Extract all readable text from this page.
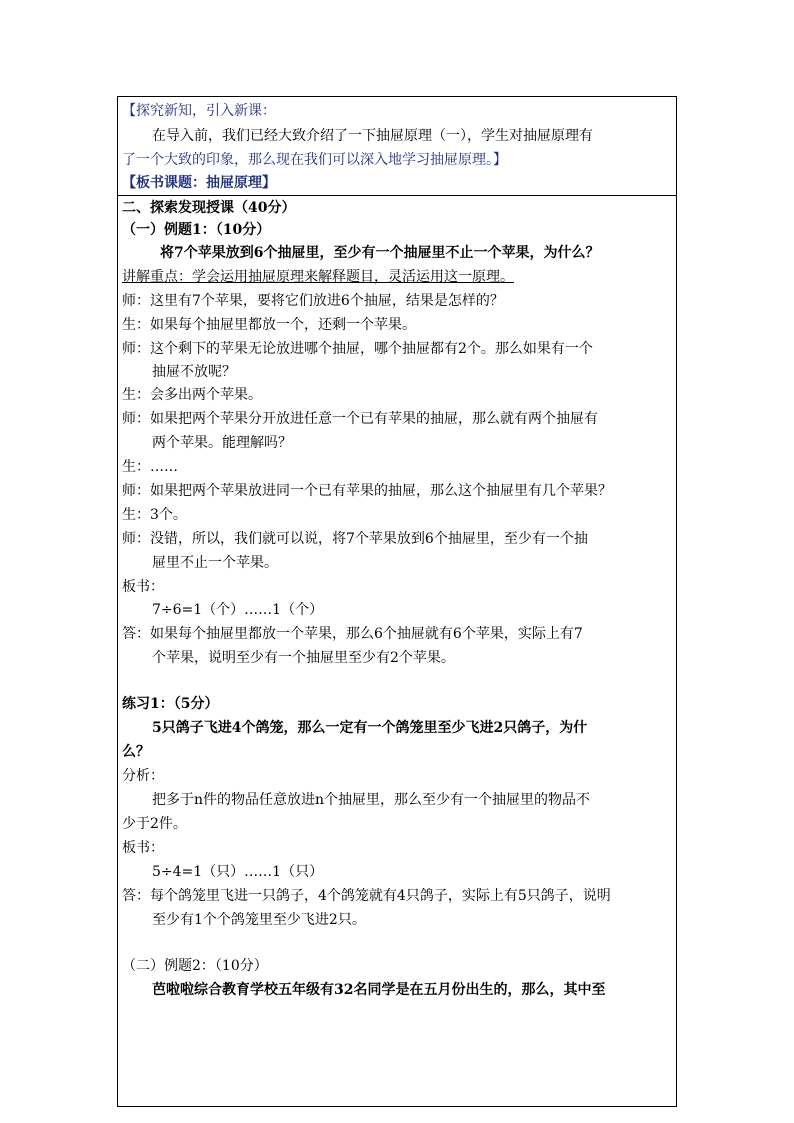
【探究新知，引入新课：
在导入前，我们已经大致介绍了一下抽屉原理（一），学生对抽屉原理有
了一个大致的印象，那么现在我们可以深入地学习抽屉原理。】
【板书课题：抽屉原理】
二、探索发现授课（40分）
（一）例题1：（10分）
将7个苹果放到6个抽屉里，至少有一个抽屉里不止一个苹果，为什么？
讲解重点：学会运用抽屉原理来解释题目，灵活运用这一原理。
师：这里有7个苹果，要将它们放进6个抽屉，结果是怎样的？
生：如果每个抽屉里都放一个，还剩一个苹果。
师：这个剩下的苹果无论放进哪个抽屉，哪个抽屉都有2个。那么如果有一个
抽屉不放呢？
生：会多出两个苹果。
师：如果把两个苹果分开放进任意一个已有苹果的抽屉，那么就有两个抽屉有
两个苹果。能理解吗？
生：……
师：如果把两个苹果放进同一个已有苹果的抽屉，那么这个抽屉里有几个苹果？
生：3个。
师：没错，所以，我们就可以说，将7个苹果放到6个抽屉里，至少有一个抽
屉里不止一个苹果。
板书：
7÷6=1（个）……1（个）
答：如果每个抽屉里都放一个苹果，那么6个抽屉就有6个苹果，实际上有7
个苹果，说明至少有一个抽屉里至少有2个苹果。
练习1：（5分）
5只鸽子飞进4个鸽笼，那么一定有一个鸽笼里至少飞进2只鸽子，为什
么？
分析：
把多于n件的物品任意放进n个抽屉里，那么至少有一个抽屉里的物品不
少于2件。
板书：
5÷4=1（只）……1（只）
答：每个鸽笼里飞进一只鸽子，4个鸽笼就有4只鸽子，实际上有5只鸽子，说明
至少有1个个鸽笼里至少飞进2只。
（二）例题2：（10分）
芭啦啦综合教育学校五年级有32名同学是在五月份出生的，那么，其中至
